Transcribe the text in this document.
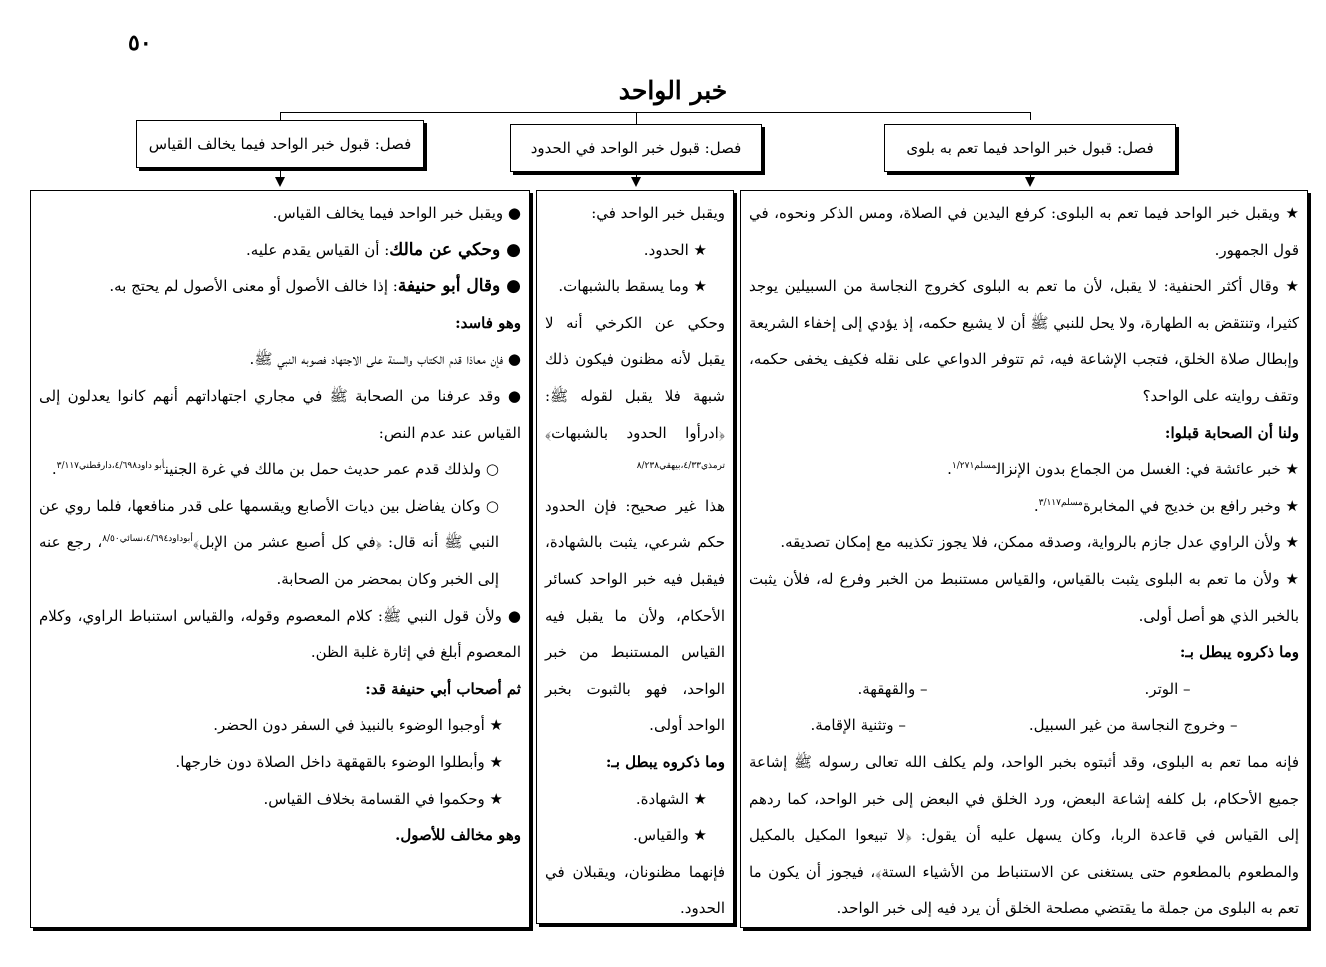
٥٠
خبر الواحد
فصل: قبول خبر الواحد فيما يخالف القياس	فصل: قبول خبر الواحد في الحدود	فصل: قبول خبر الواحد فيما تعم به بلوى

★ ويقبل خبر الواحد فيما تعم به البلوى: كرفع اليدين في الصلاة، ومس الذكر ونحوه، في قول الجمهور.

★ وقال أكثر الحنفية: لا يقبل، لأن ما تعم به البلوى كخروج النجاسة من السبيلين يوجد كثيرا، وتنتقض به الطهارة، ولا يحل للنبي ﷺ أن لا يشيع حكمه، إذ يؤدي إلى إخفاء الشريعة وإبطال صلاة الخلق، فتجب الإشاعة فيه، ثم تتوفر الدواعي على نقله فكيف يخفى حكمه، وتقف روايته على الواحد؟

ولنا أن الصحابة قبلوا:

★ خبر عائشة في: الغسل من الجماع بدون الإنزال$^{مسلم١/٢٧١}$.

★ وخبر رافع بن خديج في المخابرة$^{مسلم٣/١١٧}$.

★ ولأن الراوي عدل جازم بالرواية، وصدقه ممكن، فلا يجوز تكذيبه مع إمكان تصديقه.

★ ولأن ما تعم به البلوى يثبت بالقياس، والقياس مستنبط من الخبر وفرع له، فلأن يثبت بالخبر الذي هو أصل أولى.

وما ذكروه يبطل بـ:

– الوتر.
– والقهقهة.
– وخروج النجاسة من غير السبيل.
– وتثنية الإقامة.

فإنه مما تعم به البلوى، وقد أثبتوه بخبر الواحد، ولم يكلف الله تعالى رسوله ﷺ إشاعة جميع الأحكام، بل كلفه إشاعة البعض، ورد الخلق في البعض إلى خبر الواحد، كما ردهم إلى القياس في قاعدة الربا، وكان يسهل عليه أن يقول: ﴿لا تبيعوا المكيل بالمكيل والمطعوم بالمطعوم حتى يستغنى عن الاستنباط من الأشياء الستة﴾، فيجوز أن يكون ما تعم به البلوى من جملة ما يقتضي مصلحة الخلق أن يرد فيه إلى خبر الواحد.

ويقبل خبر الواحد في:

★ الحدود.

★ وما يسقط بالشبهات.

وحكي عن الكرخي أنه لا يقبل لأنه مظنون فيكون ذلك شبهة فلا يقبل لقوله ﷺ: ﴿ادرأوا الحدود بالشبهات﴾$^{ترمذي٤/٣٣،بيهقي٨/٢٣٨}$

هذا غير صحيح: فإن الحدود حكم شرعي، يثبت بالشهادة، فيقبل فيه خبر الواحد كسائر الأحكام، ولأن ما يقبل فيه القياس المستنبط من خبر الواحد، فهو بالثبوت بخبر الواحد أولى.

وما ذكروه يبطل بـ:

★ الشهادة.

★ والقياس.

فإنهما مظنونان، ويقبلان في الحدود.

● ويقبل خبر الواحد فيما يخالف القياس.

● وحكي عن مالك: أن القياس يقدم عليه.

● وقال أبو حنيفة: إذا خالف الأصول أو معنى الأصول لم يحتج به.

وهو فاسد:

● فإن معاذا قدم الكتاب والسنة على الاجتهاد فصوبه النبي ﷺ.

● وقد عرفنا من الصحابة ﷺ في مجاري اجتهاداتهم أنهم كانوا يعدلون إلى القياس عند عدم النص:

○ ولذلك قدم عمر حديث حمل بن مالك في غرة الجنين$^{أبو داود٤/٦٩٨،دارقطني٣/١١٧}$.

○ وكان يفاضل بين ديات الأصابع ويقسمها على قدر منافعها، فلما روي عن النبي ﷺ أنه قال: ﴿في كل أصبع عشر من الإبل﴾$^{أبوداود٤/٦٩٤،نسائي٨/٥٠}$، رجع عنه إلى الخبر وكان بمحضر من الصحابة.

● ولأن قول النبي ﷺ: كلام المعصوم وقوله، والقياس استنباط الراوي، وكلام المعصوم أبلغ في إثارة غلبة الظن.

ثم أصحاب أبي حنيفة قد:

★ أوجبوا الوضوء بالنبيذ في السفر دون الحضر.

★ وأبطلوا الوضوء بالقهقهة داخل الصلاة دون خارجها.

★ وحكموا في القسامة بخلاف القياس.

وهو مخالف للأصول.
